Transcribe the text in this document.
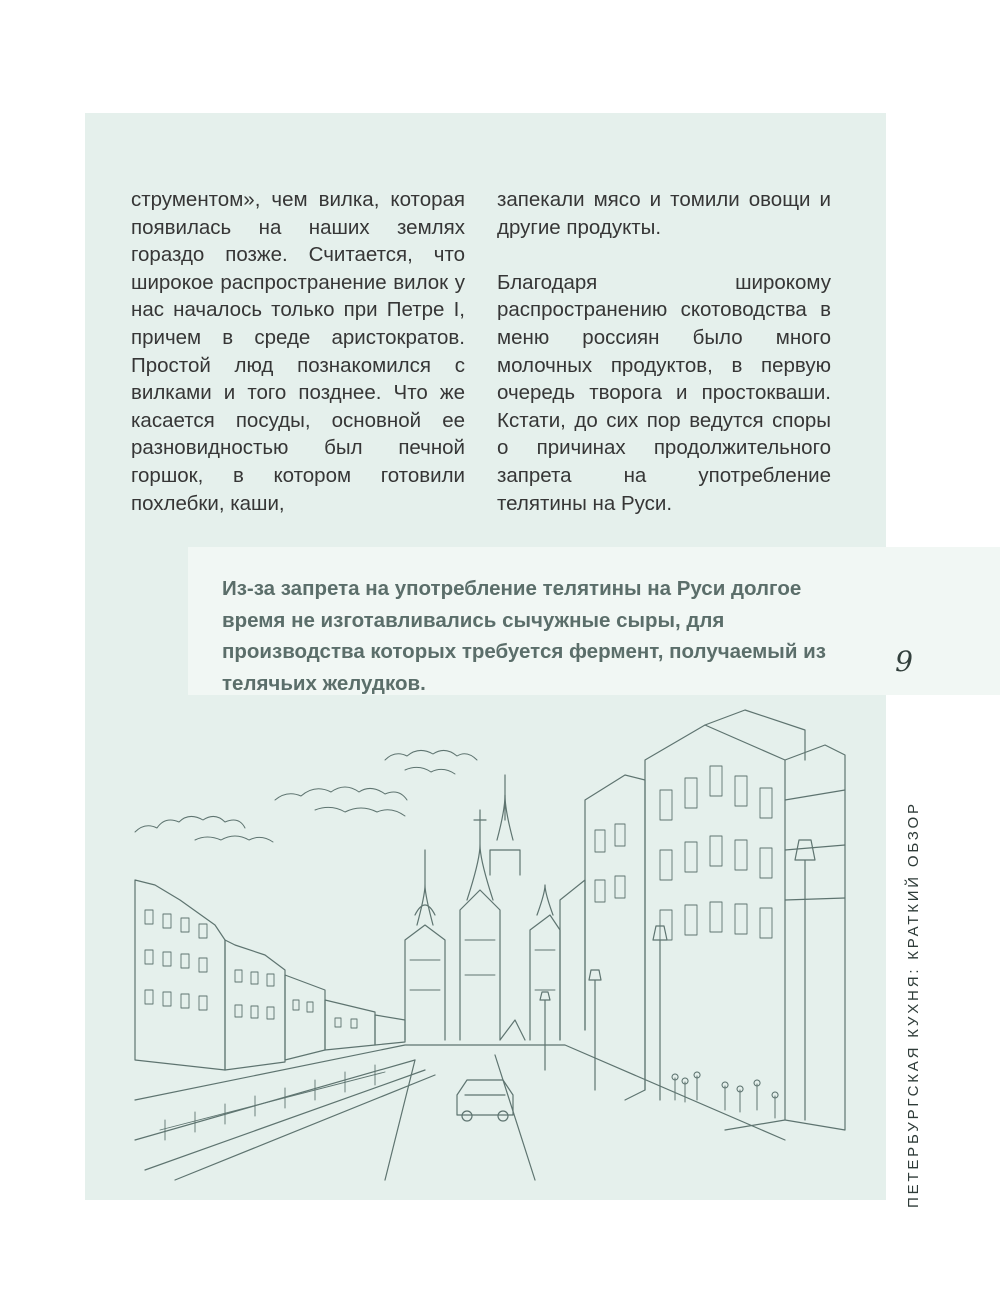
струментом», чем вилка, которая появилась на наших землях гораздо позже. Считается, что широкое распространение вилок у нас началось только при Петре I, причем в среде аристократов. Простой люд познакомился с вилками и того позднее. Что же касается посуды, основной ее разновидностью был печной горшок, в котором готовили похлебки, каши,

запекали мясо и томили овощи и другие продукты.

Благодаря широкому распространению скотоводства в меню россиян было много молочных продуктов, в первую очередь творога и простокваши. Кстати, до сих пор ведутся споры о причинах продолжительного запрета на употребление телятины на Руси.

Из-за запрета на употребление телятины на Руси долгое время не изготавливались сычужные сыры, для производства которых требуется фермент, получаемый из телячьих желудков.
9
ПЕТЕРБУРГСКАЯ КУХНЯ: КРАТКИЙ ОБЗОР
